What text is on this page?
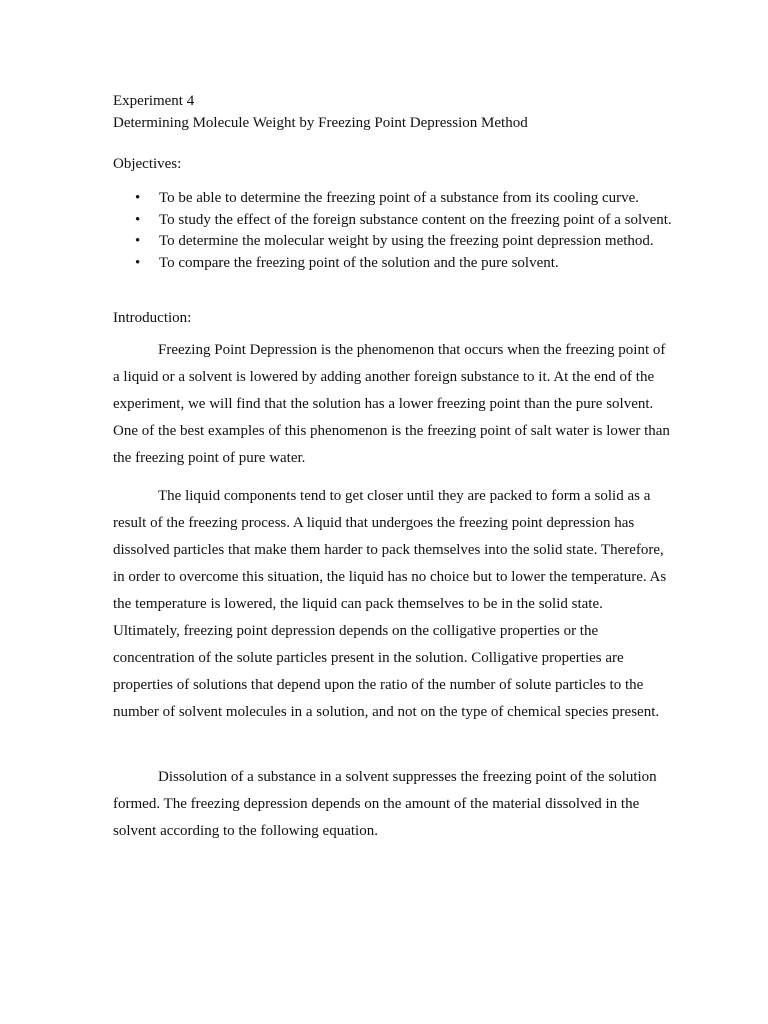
Experiment 4
Determining Molecule Weight by Freezing Point Depression Method
Objectives:
• To be able to determine the freezing point of a substance from its cooling curve.
• To study the effect of the foreign substance content on the freezing point of a solvent.
• To determine the molecular weight by using the freezing point depression method.
• To compare the freezing point of the solution and the pure solvent.
Introduction:

Freezing Point Depression is the phenomenon that occurs when the freezing point of a liquid or a solvent is lowered by adding another foreign substance to it. At the end of the experiment, we will find that the solution has a lower freezing point than the pure solvent. One of the best examples of this phenomenon is the freezing point of salt water is lower than the freezing point of pure water.

The liquid components tend to get closer until they are packed to form a solid as a result of the freezing process. A liquid that undergoes the freezing point depression has dissolved particles that make them harder to pack themselves into the solid state. Therefore, in order to overcome this situation, the liquid has no choice but to lower the temperature. As the temperature is lowered, the liquid can pack themselves to be in the solid state. Ultimately, freezing point depression depends on the colligative properties or the concentration of the solute particles present in the solution. Colligative properties are properties of solutions that depend upon the ratio of the number of solute particles to the number of solvent molecules in a solution, and not on the type of chemical species present.

Dissolution of a substance in a solvent suppresses the freezing point of the solution formed. The freezing depression depends on the amount of the material dissolved in the solvent according to the following equation.
